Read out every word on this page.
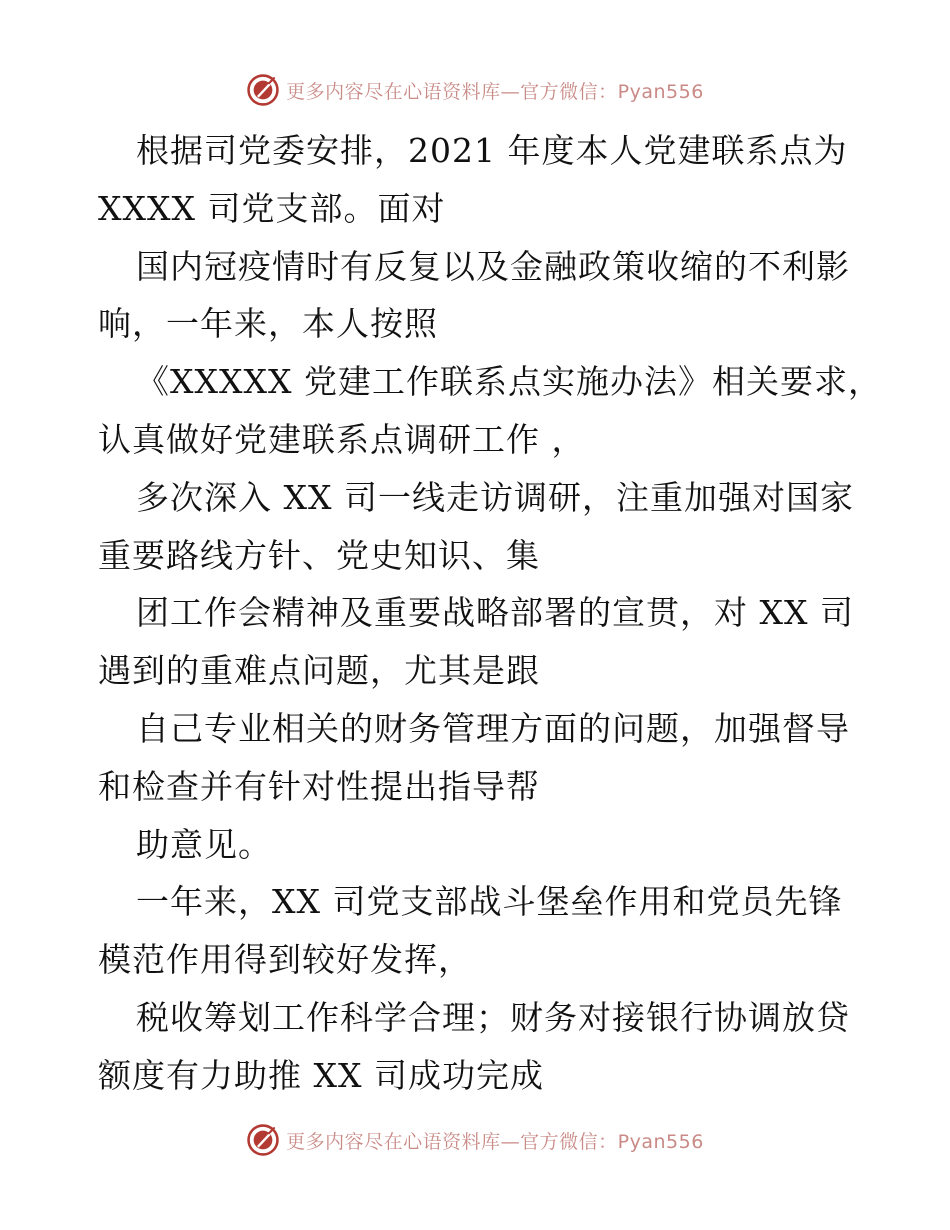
更多内容尽在心语资料库—官方微信：Pyan556
根据司党委安排，2021 年度本人党建联系点为
XXXX 司党支部。面对
国内冠疫情时有反复以及金融政策收缩的不利影
响，一年来，本人按照
《XXXXX 党建工作联系点实施办法》相关要求，
认真做好党建联系点调研工作 ，
多次深入 XX 司一线走访调研，注重加强对国家
重要路线方针、党史知识、集
团工作会精神及重要战略部署的宣贯，对 XX 司
遇到的重难点问题，尤其是跟
自己专业相关的财务管理方面的问题，加强督导
和检查并有针对性提出指导帮
助意见。
一年来，XX 司党支部战斗堡垒作用和党员先锋
模范作用得到较好发挥，
税收筹划工作科学合理；财务对接银行协调放贷
额度有力助推 XX 司成功完成
更多内容尽在心语资料库—官方微信：Pyan556
